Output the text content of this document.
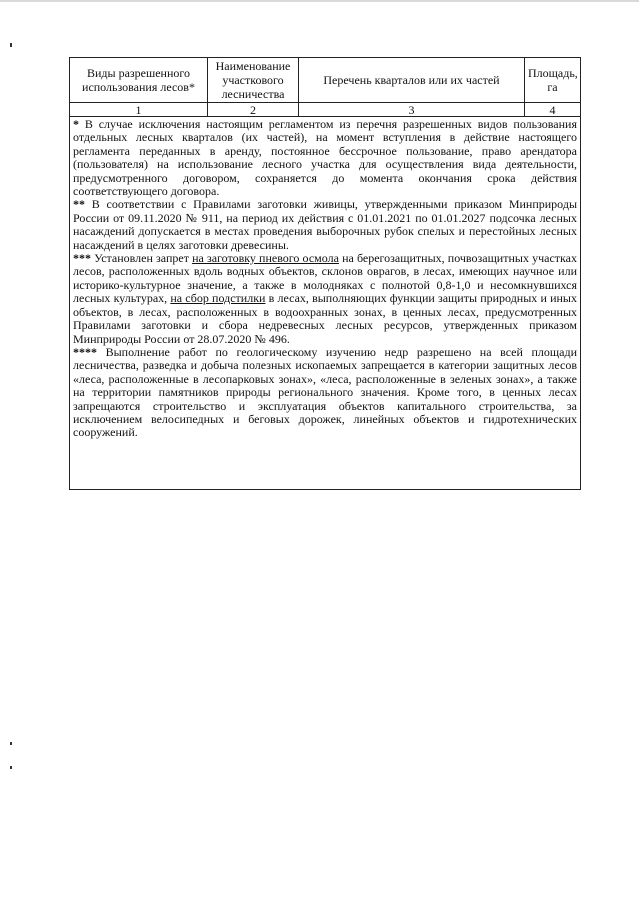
Виды разрешенного использования лесов*	Наименование участкового лесничества	Перечень кварталов или их частей	Площадь, га
1	2	3	4

* В случае исключения настоящим регламентом из перечня разрешенных видов пользования отдельных лесных кварталов (их частей), на момент вступления в действие настоящего регламента переданных в аренду, постоянное бессрочное пользование, право арендатора (пользователя) на использование лесного участка для осуществления вида деятельности, предусмотренного договором, сохраняется до момента окончания срока действия соответствующего договора.

** В соответствии с Правилами заготовки живицы, утвержденными приказом Минприроды России от 09.11.2020 № 911, на период их действия с 01.01.2021 по 01.01.2027 подсочка лесных насаждений допускается в местах проведения выборочных рубок спелых и перестойных лесных насаждений в целях заготовки древесины.

*** Установлен запрет на заготовку пневого осмола на берегозащитных, почвозащитных участках лесов, расположенных вдоль водных объектов, склонов оврагов, в лесах, имеющих научное или историко-культурное значение, а также в молодняках с полнотой 0,8-1,0 и несомкнувшихся лесных культурах, на сбор подстилки в лесах, выполняющих функции защиты природных и иных объектов, в лесах, расположенных в водоохранных зонах, в ценных лесах, предусмотренных Правилами заготовки и сбора недревесных лесных ресурсов, утвержденных приказом Минприроды России от 28.07.2020 № 496.

**** Выполнение работ по геологическому изучению недр разрешено на всей площади лесничества, разведка и добыча полезных ископаемых запрещается в категории защитных лесов «леса, расположенные в лесопарковых зонах», «леса, расположенные в зеленых зонах», а также на территории памятников природы регионального значения. Кроме того, в ценных лесах запрещаются строительство и эксплуатация объектов капитального строительства, за исключением велосипедных и беговых дорожек, линейных объектов и гидротехнических сооружений.			
